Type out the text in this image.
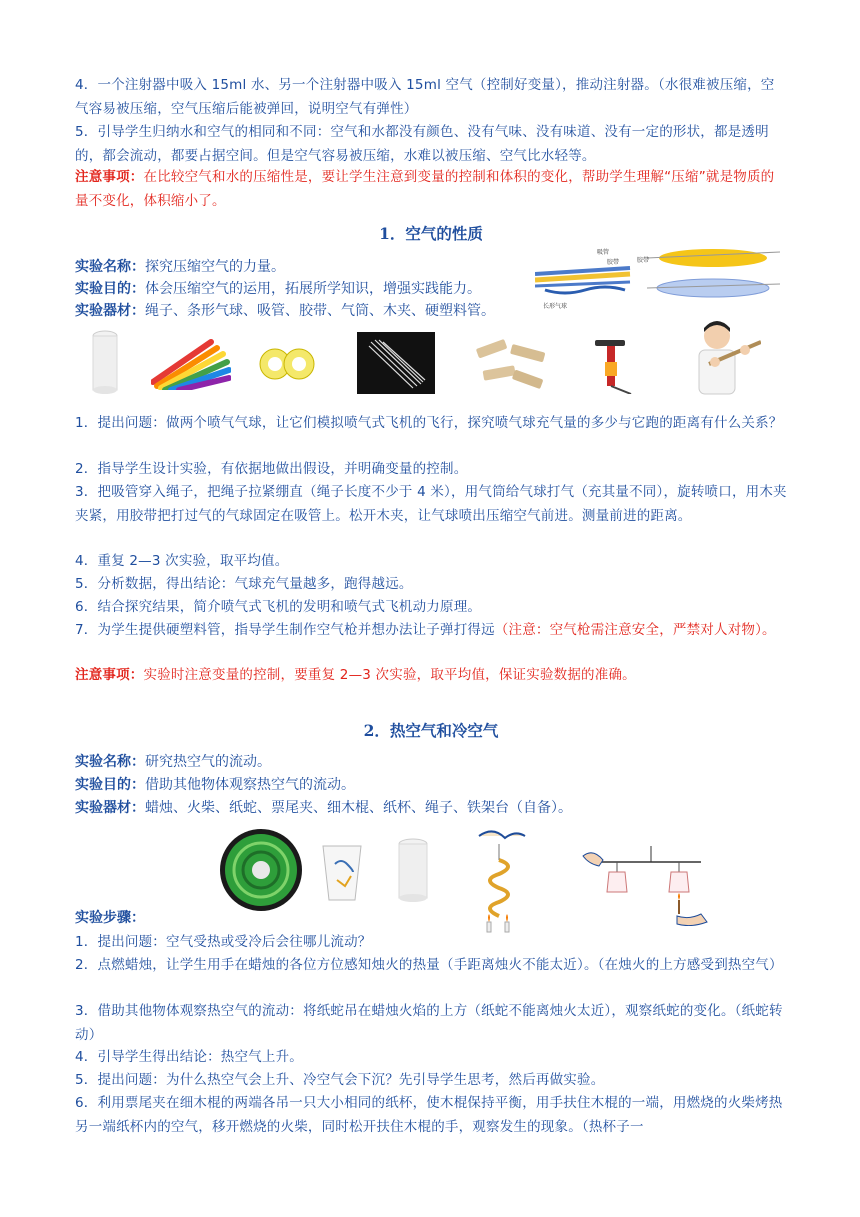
4．一个注射器中吸入 15ml 水、另一个注射器中吸入 15ml 空气（控制好变量），推动注射器。（水很难被压缩，空气容易被压缩，空气压缩后能被弹回，说明空气有弹性）

5．引导学生归纳水和空气的相同和不同：空气和水都没有颜色、没有气味、没有味道、没有一定的形状，都是透明的，都会流动，都要占据空间。但是空气容易被压缩，水难以被压缩、空气比水轻等。

注意事项：在比较空气和水的压缩性是，要让学生注意到变量的控制和体积的变化，帮助学生理解“压缩”就是物质的量不变化，体积缩小了。

1．空气的性质

实验名称：探究压缩空气的力量。

实验目的：体会压缩空气的运用，拓展所学知识，增强实践能力。

实验器材：绳子、条形气球、吸管、胶带、气筒、木夹、硬塑料管。

吸管
胶带
长形气球
胶带

1．提出问题：做两个喷气气球，让它们模拟喷气式飞机的飞行，探究喷气球充气量的多少与它跑的距离有什么关系？

2．指导学生设计实验，有依据地做出假设，并明确变量的控制。

3．把吸管穿入绳子，把绳子拉紧绷直（绳子长度不少于 4 米），用气筒给气球打气（充其量不同），旋转喷口，用木夹夹紧，用胶带把打过气的气球固定在吸管上。松开木夹，让气球喷出压缩空气前进。测量前进的距离。

4．重复 2—3 次实验，取平均值。

5．分析数据，得出结论：气球充气量越多，跑得越远。

6．结合探究结果，简介喷气式飞机的发明和喷气式飞机动力原理。

7．为学生提供硬塑料管，指导学生制作空气枪并想办法让子弹打得远（注意：空气枪需注意安全，严禁对人对物）。

注意事项：实验时注意变量的控制，要重复 2—3 次实验，取平均值，保证实验数据的准确。

2．热空气和冷空气

实验名称：研究热空气的流动。

实验目的：借助其他物体观察热空气的流动。

实验器材：蜡烛、火柴、纸蛇、票尾夹、细木棍、纸杯、绳子、铁架台（自备）。

实验步骤：

1．提出问题：空气受热或受冷后会往哪儿流动？

2．点燃蜡烛，让学生用手在蜡烛的各位方位感知烛火的热量（手距离烛火不能太近）。（在烛火的上方感受到热空气）

3．借助其他物体观察热空气的流动：将纸蛇吊在蜡烛火焰的上方（纸蛇不能离烛火太近），观察纸蛇的变化。（纸蛇转动）

4．引导学生得出结论：热空气上升。

5．提出问题：为什么热空气会上升、冷空气会下沉？先引导学生思考，然后再做实验。

6．利用票尾夹在细木棍的两端各吊一只大小相同的纸杯，使木棍保持平衡，用手扶住木棍的一端，用燃烧的火柴烤热另一端纸杯内的空气，移开燃烧的火柴，同时松开扶住木棍的手，观察发生的现象。（热杯子一
